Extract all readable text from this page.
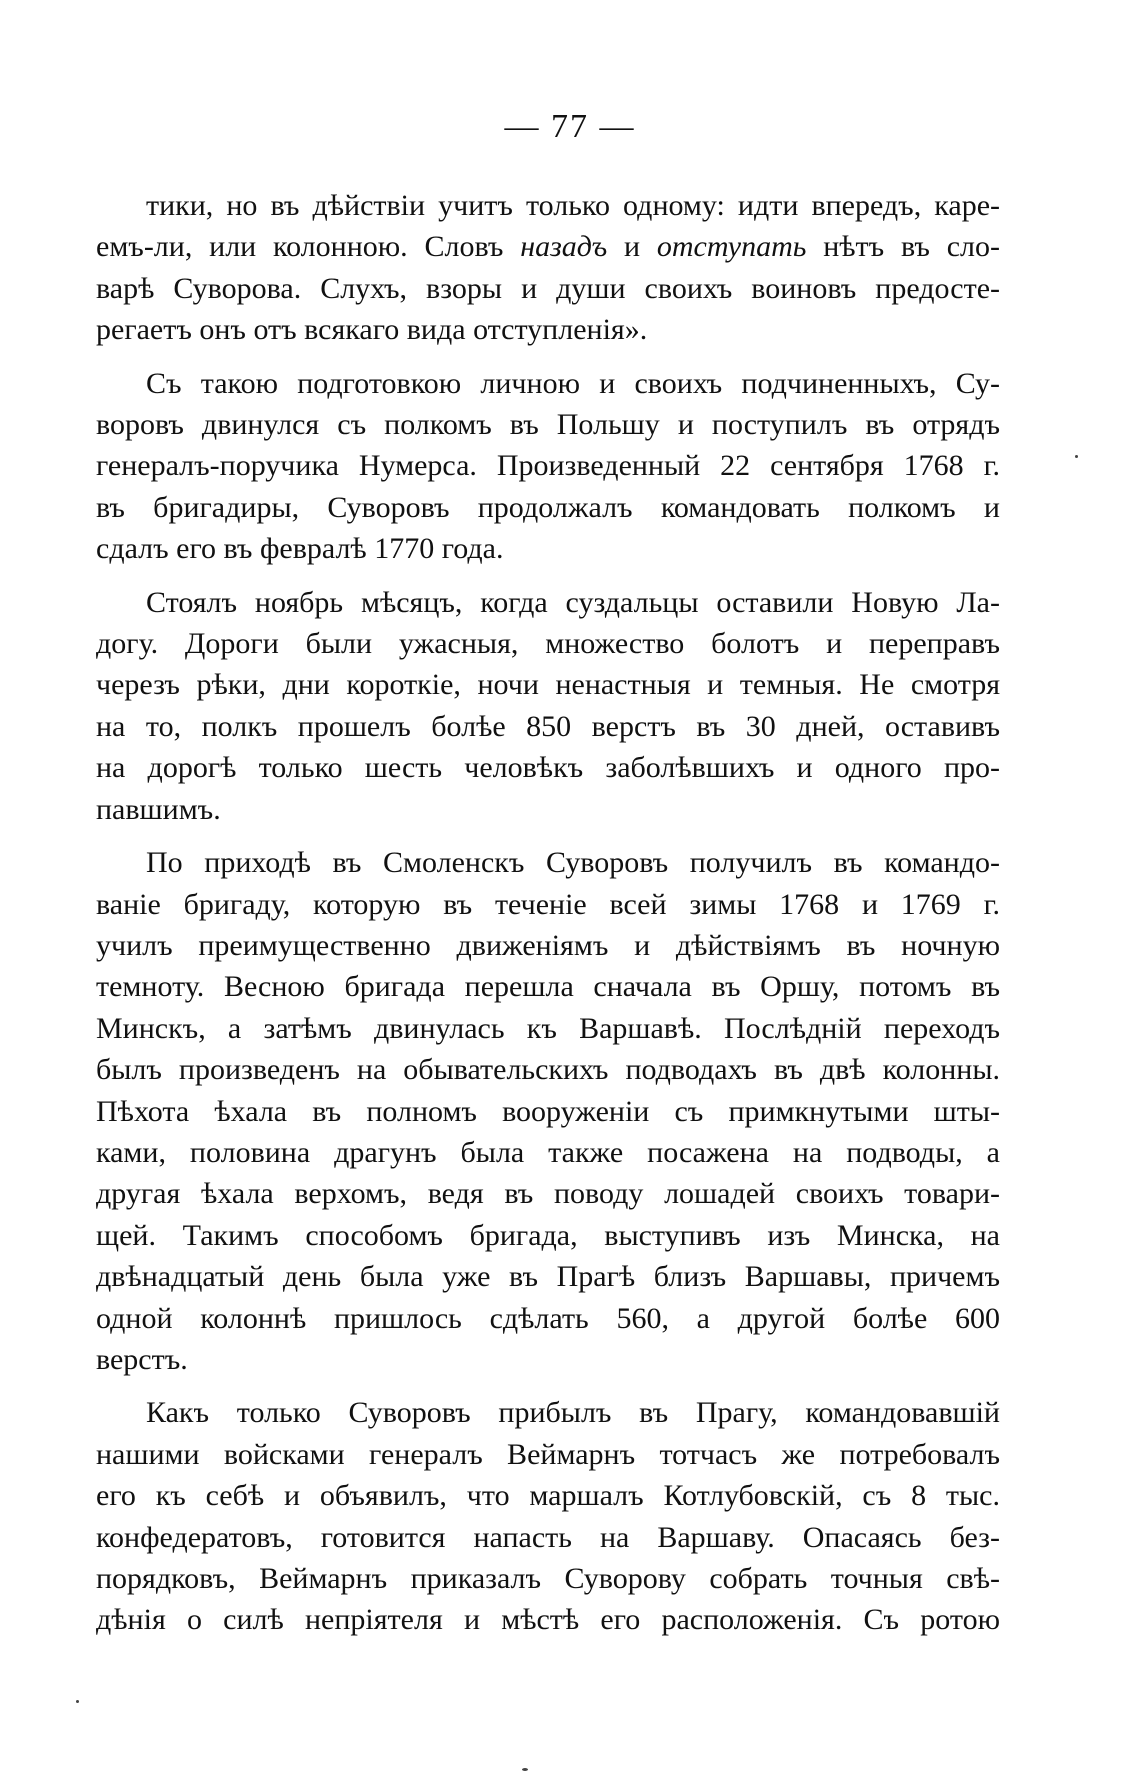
— 77 —

тики, но въ дѣйствіи учитъ только одному: идти впередъ, каре-
емъ-ли, или колонною. Словъ назадъ и отступать нѣтъ въ сло-
варѣ Суворова. Слухъ, взоры и души своихъ воиновъ предосте-
регаетъ онъ отъ всякаго вида отступленія».

Съ такою подготовкою личною и своихъ подчиненныхъ, Су-
воровъ двинулся съ полкомъ въ Польшу и поступилъ въ отрядъ
генералъ-поручика Нумерса. Произведенный 22 сентября 1768 г.
въ бригадиры, Суворовъ продолжалъ командовать полкомъ и
сдалъ его въ февралѣ 1770 года.

Стоялъ ноябрь мѣсяцъ, когда суздальцы оставили Новую Ла-
догу. Дороги были ужасныя, множество болотъ и переправъ
черезъ рѣки, дни короткіе, ночи ненастныя и темныя. Не смотря
на то, полкъ прошелъ болѣе 850 верстъ въ 30 дней, оставивъ
на дорогѣ только шесть человѣкъ заболѣвшихъ и одного про-
павшимъ.

По приходѣ въ Смоленскъ Суворовъ получилъ въ командо-
ваніе бригаду, которую въ теченіе всей зимы 1768 и 1769 г.
училъ преимущественно движеніямъ и дѣйствіямъ въ ночную
темноту. Весною бригада перешла сначала въ Оршу, потомъ въ
Минскъ, а затѣмъ двинулась къ Варшавѣ. Послѣдній переходъ
былъ произведенъ на обывательскихъ подводахъ въ двѣ колонны.
Пѣхота ѣхала въ полномъ вооруженіи съ примкнутыми шты-
ками, половина драгунъ была также посажена на подводы, а
другая ѣхала верхомъ, ведя въ поводу лошадей своихъ товари-
щей. Такимъ способомъ бригада, выступивъ изъ Минска, на
двѣнадцатый день была уже въ Прагѣ близъ Варшавы, причемъ
одной колоннѣ пришлось сдѣлать 560, а другой болѣе 600
верстъ.

Какъ только Суворовъ прибылъ въ Прагу, командовавшій
нашими войсками генералъ Веймарнъ тотчасъ же потребовалъ
его къ себѣ и объявилъ, что маршалъ Котлубовскій, съ 8 тыс.
конфедератовъ, готовится напасть на Варшаву. Опасаясь без-
порядковъ, Веймарнъ приказалъ Суворову собрать точныя свѣ-
дѣнія о силѣ непріятеля и мѣстѣ его расположенія. Съ ротою
